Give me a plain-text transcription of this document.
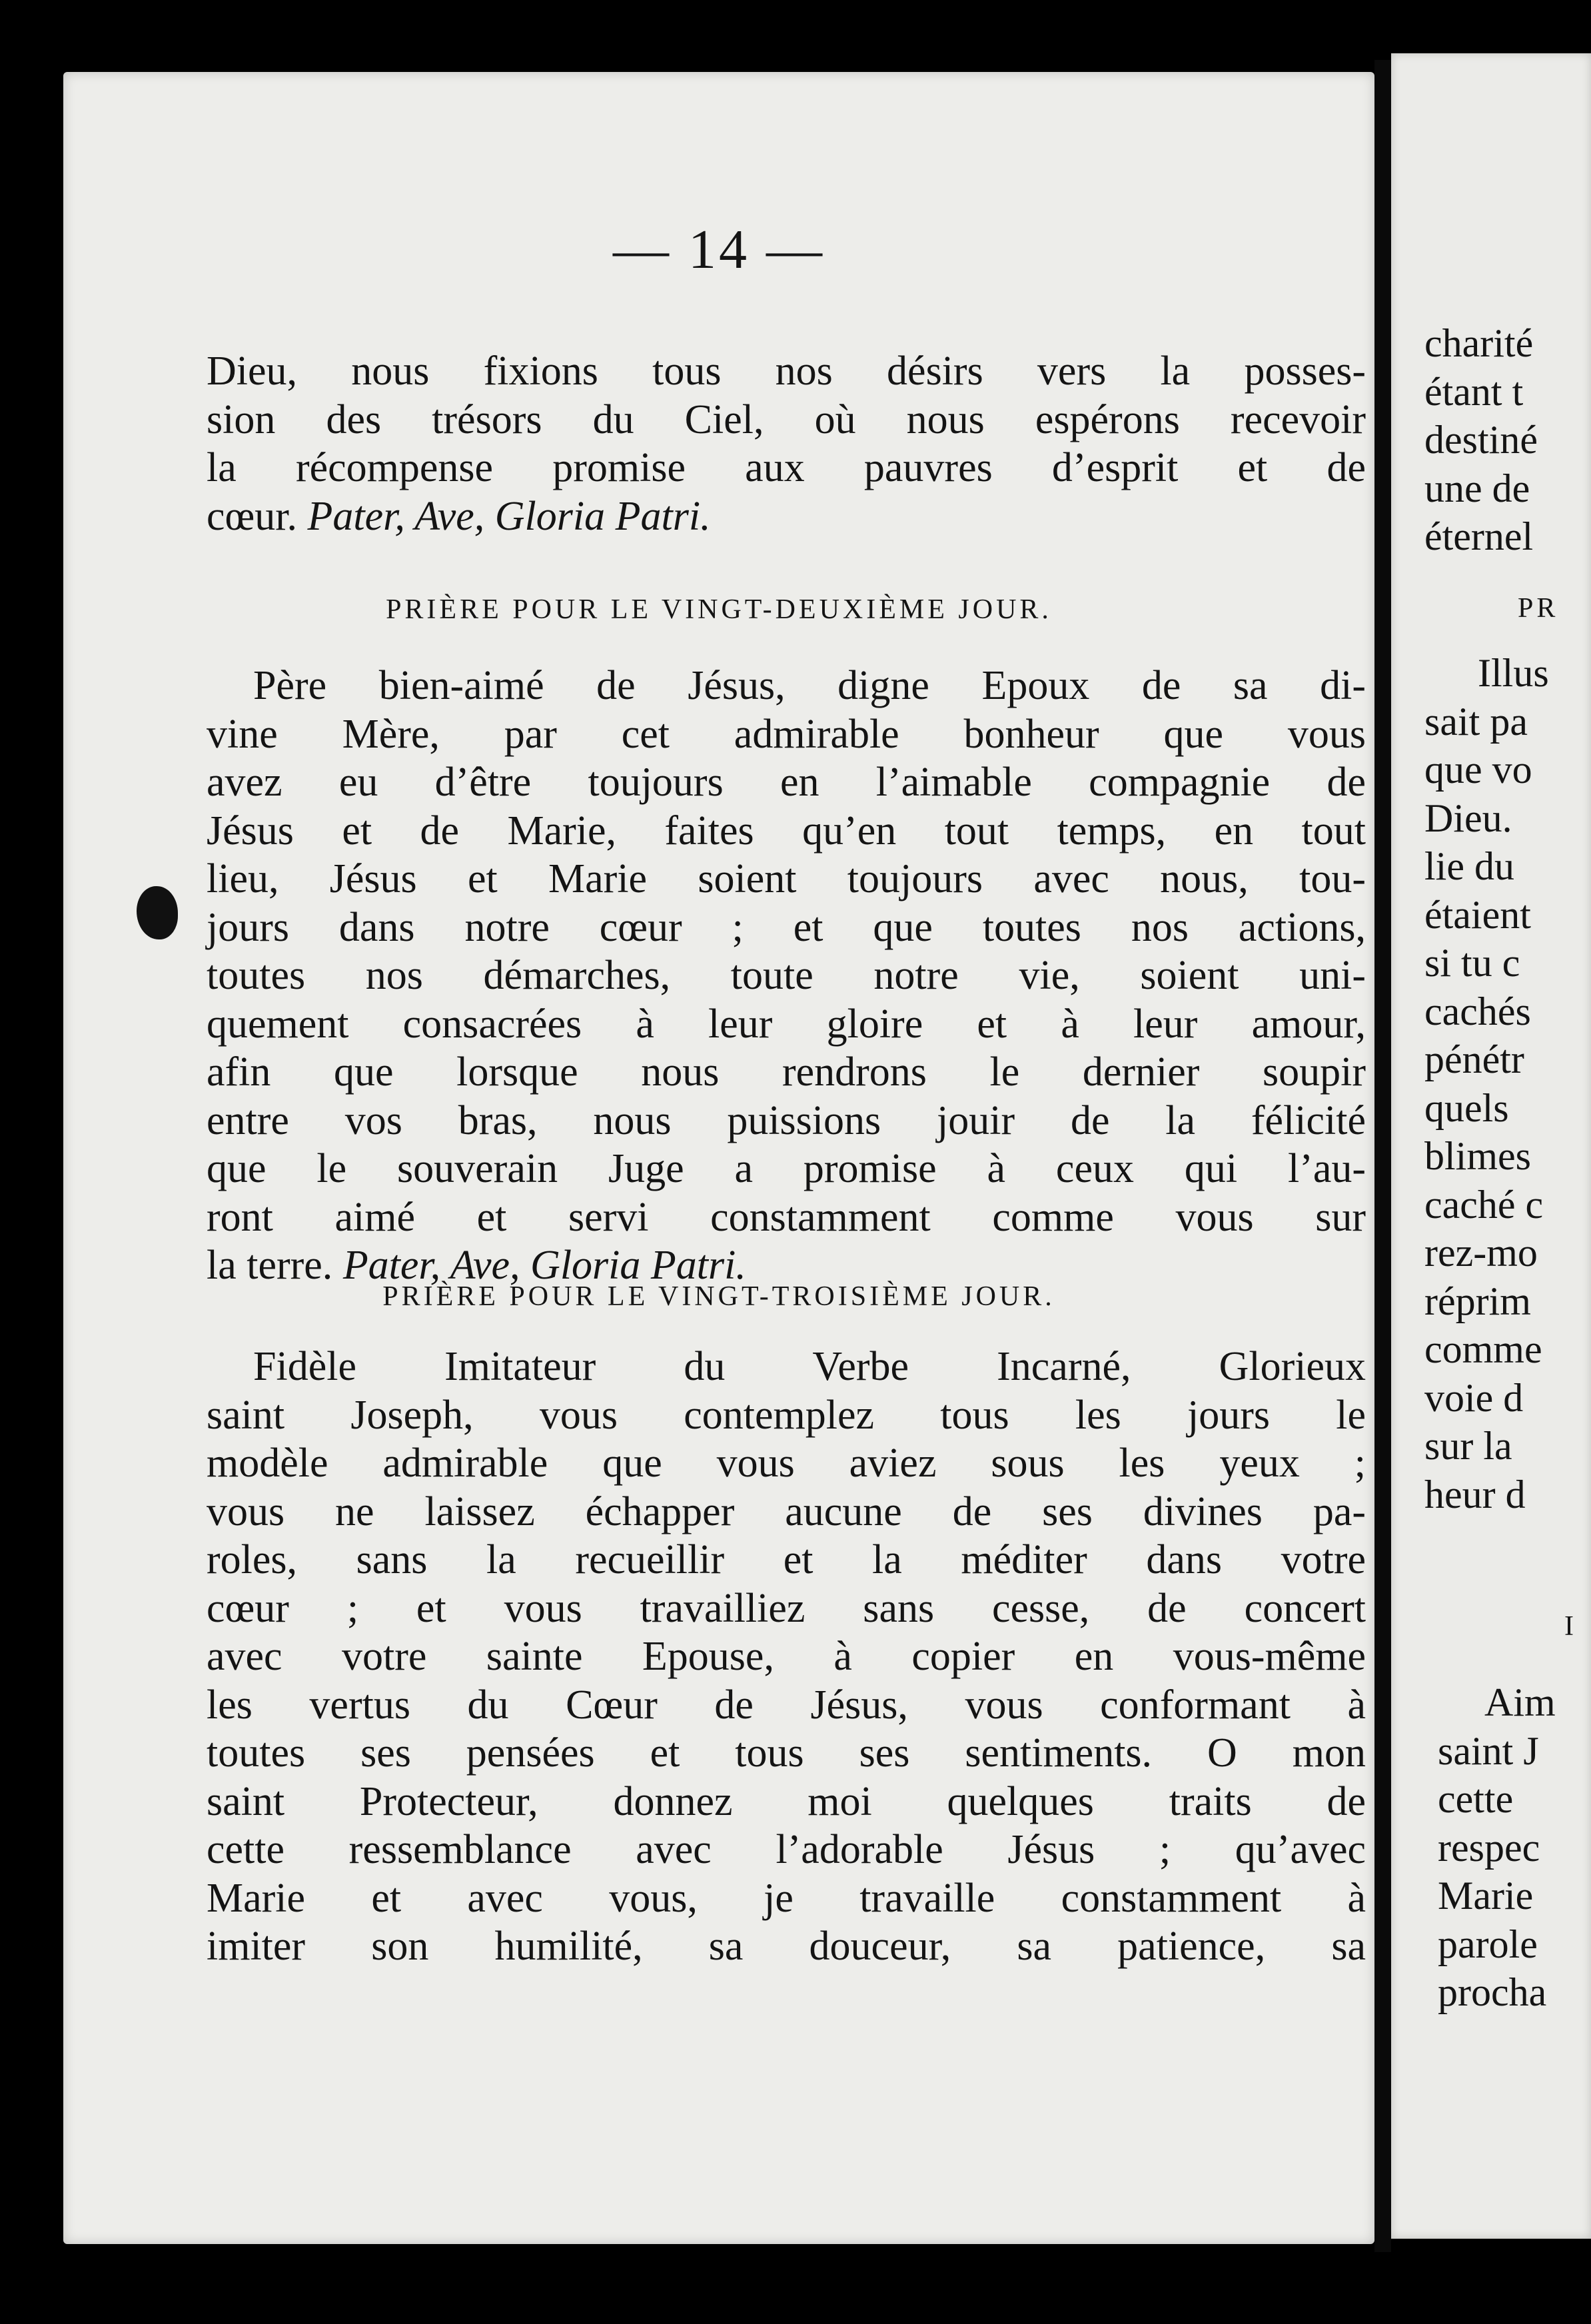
— 14 —
Dieu, nous fixions tous nos désirs vers la posses-
sion des trésors du Ciel, où nous espérons recevoir
la récompense promise aux pauvres d’esprit et de
cœur. Pater, Ave, Gloria Patri.
PRIÈRE POUR LE VINGT-DEUXIÈME JOUR.
Père bien-aimé de Jésus, digne Epoux de sa di-
vine Mère, par cet admirable bonheur que vous
avez eu d’être toujours en l’aimable compagnie de
Jésus et de Marie, faites qu’en tout temps, en tout
lieu, Jésus et Marie soient toujours avec nous, tou-
jours dans notre cœur ; et que toutes nos actions,
toutes nos démarches, toute notre vie, soient uni-
quement consacrées à leur gloire et à leur amour,
afin que lorsque nous rendrons le dernier soupir
entre vos bras, nous puissions jouir de la félicité
que le souverain Juge a promise à ceux qui l’au-
ront aimé et servi constamment comme vous sur
la terre. Pater, Ave, Gloria Patri.
PRIÈRE POUR LE VINGT-TROISIÈME JOUR.
Fidèle Imitateur du Verbe Incarné, Glorieux
saint Joseph, vous contemplez tous les jours le
modèle admirable que vous aviez sous les yeux ;
vous ne laissez échapper aucune de ses divines pa-
roles, sans la recueillir et la méditer dans votre
cœur ; et vous travailliez sans cesse, de concert
avec votre sainte Epouse, à copier en vous-même
les vertus du Cœur de Jésus, vous conformant à
toutes ses pensées et tous ses sentiments. O mon
saint Protecteur, donnez moi quelques traits de
cette ressemblance avec l’adorable Jésus ; qu’avec
Marie et avec vous, je travaille constamment à
imiter son humilité, sa douceur, sa patience, sa
charité
étant t
destiné
une de
éternel
PR
Illus
sait pa
que vo
Dieu.
lie du
étaient
si tu c
cachés
pénétr
quels
blimes
caché c
rez-mo
réprim
comme
voie d
sur la
heur d
I
Aim
saint J
cette
respec
Marie
parole
procha
